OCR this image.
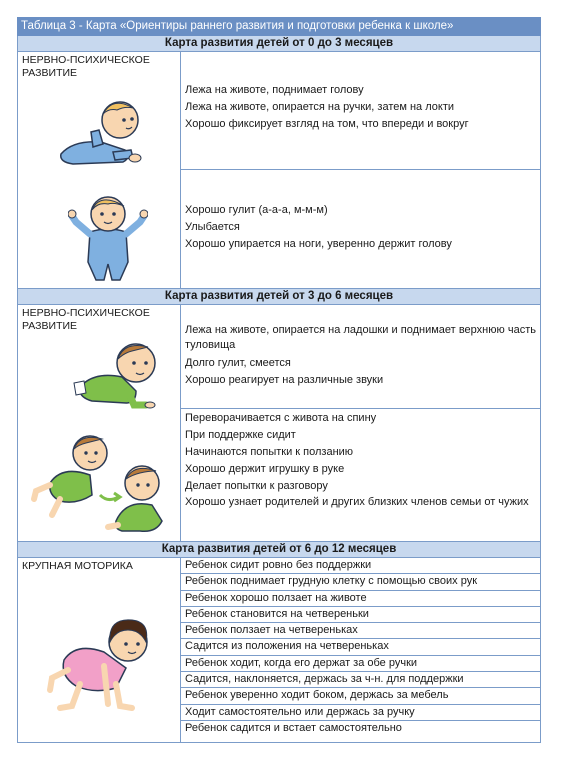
Таблица 3 - Карта «Ориентиры раннего развития и подготовки ребенка к школе»
Карта развития детей от 0 до 3 месяцев
НЕРВНО-ПСИХИЧЕСКОЕ РАЗВИТИЕ
Лежа на животе, поднимает голову
Лежа на животе, опирается на ручки, затем на локти
Хорошо фиксирует взгляд на том, что впереди и вокруг
Хорошо гулит (а-а-а, м-м-м)
Улыбается
Хорошо упирается на ноги, уверенно держит голову
Карта развития детей от 3 до 6 месяцев
НЕРВНО-ПСИХИЧЕСКОЕ РАЗВИТИЕ	Лежа на животе, опирается на ладошки и поднимает верхнюю часть туловища
Долго гулит, смеется
Хорошо реагирует на различные звуки
Переворачивается с живота на спину
При поддержке сидит
Начинаются попытки к ползанию
Хорошо держит игрушку в руке
Делает попытки к разговору
Хорошо узнает родителей и других близких членов семьи от чужих
Карта развития детей от 6 до 12 месяцев
КРУПНАЯ МОТОРИКА	Ребенок сидит ровно без поддержки
Ребенок поднимает грудную клетку с помощью своих рук
Ребенок хорошо ползает на животе
Ребенок становится на четвереньки
Ребенок ползает на четвереньках
Садится из положения на четвереньках
Ребенок ходит, когда его держат за обе ручки
Садится, наклоняется, держась за ч-н. для поддержки
Ребенок уверенно ходит боком, держась за мебель
Ходит самостоятельно или держась за ручку
Ребенок садится и встает самостоятельно
